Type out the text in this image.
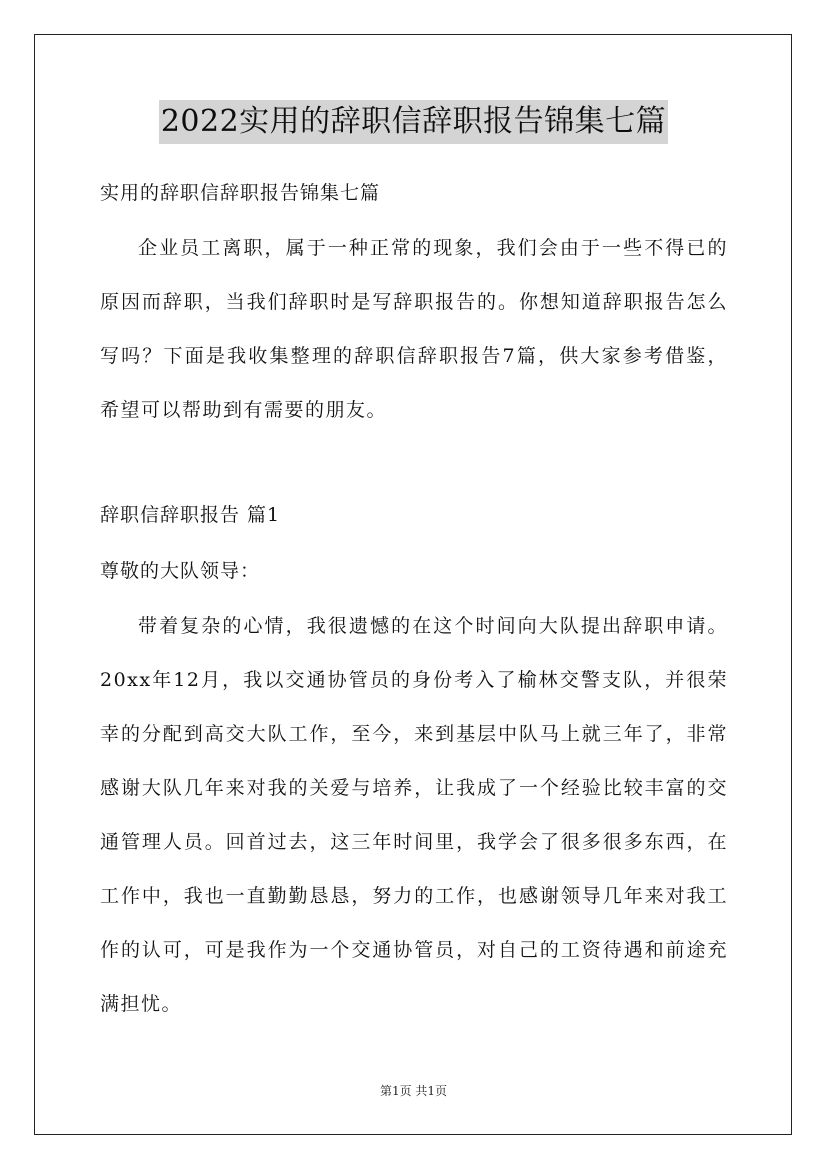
2022实用的辞职信辞职报告锦集七篇
实用的辞职信辞职报告锦集七篇

企业员工离职，属于一种正常的现象，我们会由于一些不得已的原因而辞职，当我们辞职时是写辞职报告的。你想知道辞职报告怎么写吗？下面是我收集整理的辞职信辞职报告7篇，供大家参考借鉴，希望可以帮助到有需要的朋友。

辞职信辞职报告 篇1
尊敬的大队领导：

带着复杂的心情，我很遗憾的在这个时间向大队提出辞职申请。20xx年12月，我以交通协管员的身份考入了榆林交警支队，并很荣幸的分配到高交大队工作，至今，来到基层中队马上就三年了，非常感谢大队几年来对我的关爱与培养，让我成了一个经验比较丰富的交通管理人员。回首过去，这三年时间里，我学会了很多很多东西，在工作中，我也一直勤勤恳恳，努力的工作，也感谢领导几年来对我工作的认可，可是我作为一个交通协管员，对自己的工资待遇和前途充满担忧。

第1页 共1页
